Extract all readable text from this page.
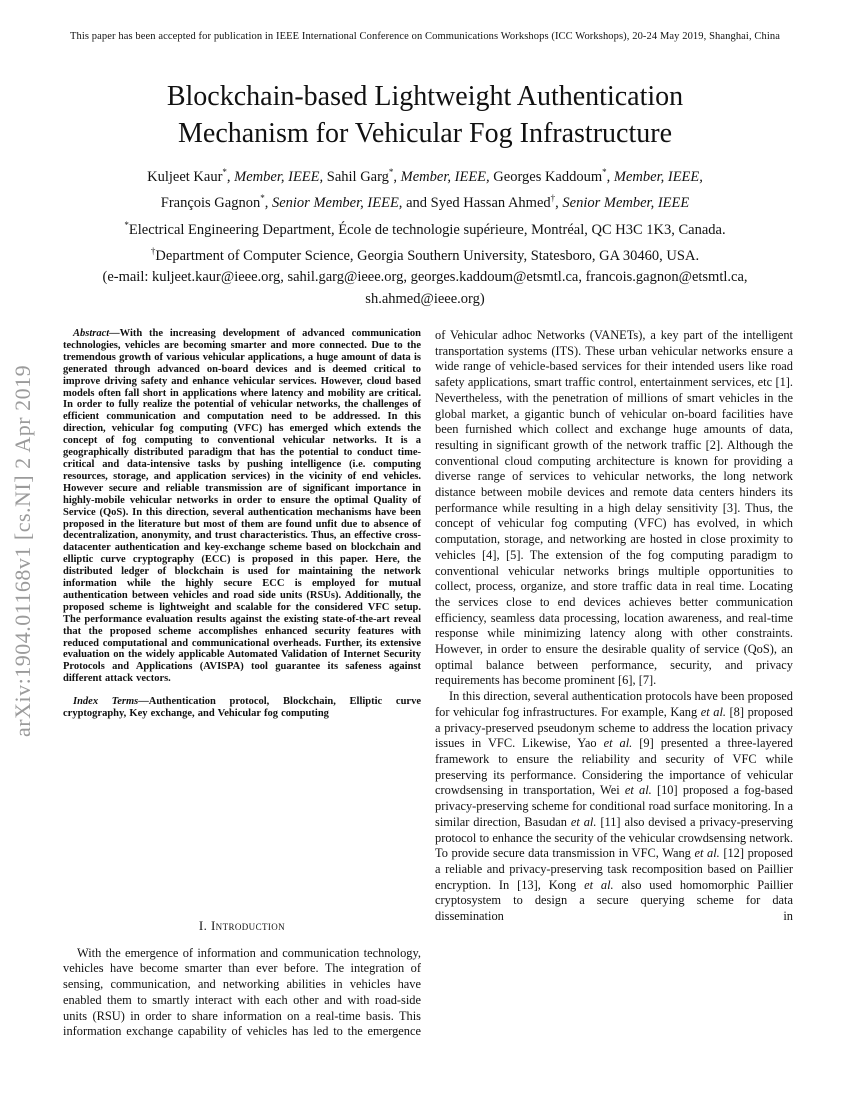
This paper has been accepted for publication in IEEE International Conference on Communications Workshops (ICC Workshops), 20-24 May 2019, Shanghai, China
arXiv:1904.01168v1 [cs.NI] 2 Apr 2019
Blockchain-based Lightweight Authentication
Mechanism for Vehicular Fog Infrastructure
Kuljeet Kaur*, Member, IEEE, Sahil Garg*, Member, IEEE, Georges Kaddoum*, Member, IEEE,
François Gagnon*, Senior Member, IEEE, and Syed Hassan Ahmed†, Senior Member, IEEE
*Electrical Engineering Department, École de technologie supérieure, Montréal, QC H3C 1K3, Canada.
†Department of Computer Science, Georgia Southern University, Statesboro, GA 30460, USA.
(e-mail: kuljeet.kaur@ieee.org, sahil.garg@ieee.org, georges.kaddoum@etsmtl.ca, francois.gagnon@etsmtl.ca, sh.ahmed@ieee.org)

Abstract—With the increasing development of advanced communication technologies, vehicles are becoming smarter and more connected. Due to the tremendous growth of various vehicular applications, a huge amount of data is generated through advanced on-board devices and is deemed critical to improve driving safety and enhance vehicular services. However, cloud based models often fall short in applications where latency and mobility are critical. In order to fully realize the potential of vehicular networks, the challenges of efficient communication and computation need to be addressed. In this direction, vehicular fog computing (VFC) has emerged which extends the concept of fog computing to conventional vehicular networks. It is a geographically distributed paradigm that has the potential to conduct time-critical and data-intensive tasks by pushing intelligence (i.e. computing resources, storage, and application services) in the vicinity of end vehicles. However secure and reliable transmission are of significant importance in highly-mobile vehicular networks in order to ensure the optimal Quality of Service (QoS). In this direction, several authentication mechanisms have been proposed in the literature but most of them are found unfit due to absence of decentralization, anonymity, and trust characteristics. Thus, an effective cross-datacenter authentication and key-exchange scheme based on blockchain and elliptic curve cryptography (ECC) is proposed in this paper. Here, the distributed ledger of blockchain is used for maintaining the network information while the highly secure ECC is employed for mutual authentication between vehicles and road side units (RSUs). Additionally, the proposed scheme is lightweight and scalable for the considered VFC setup. The performance evaluation results against the existing state-of-the-art reveal that the proposed scheme accomplishes enhanced security features with reduced computational and communicational overheads. Further, its extensive evaluation on the widely applicable Automated Validation of Internet Security Protocols and Applications (AVISPA) tool guarantee its safeness against different attack vectors.

Index Terms—Authentication protocol, Blockchain, Elliptic curve cryptography, Key exchange, and Vehicular fog computing

I. Introduction

With the emergence of information and communication technology, vehicles have become smarter than ever before. The integration of sensing, communication, and networking abilities in vehicles have enabled them to smartly interact with each other and with road-side units (RSU) in order to share information on a real-time basis. This information exchange capability of vehicles has led to the emergence

of Vehicular adhoc Networks (VANETs), a key part of the intelligent transportation systems (ITS). These urban vehicular networks ensure a wide range of vehicle-based services for their intended users like road safety applications, smart traffic control, entertainment services, etc [1]. Nevertheless, with the penetration of millions of smart vehicles in the global market, a gigantic bunch of vehicular on-board facilities have been furnished which collect and exchange huge amounts of data, resulting in significant growth of the network traffic [2]. Although the conventional cloud computing architecture is known for providing a diverse range of services to vehicular networks, the long network distance between mobile devices and remote data centers hinders its performance while resulting in a high delay sensitivity [3]. Thus, the concept of vehicular fog computing (VFC) has evolved, in which computation, storage, and networking are hosted in close proximity to vehicles [4], [5]. The extension of the fog computing paradigm to conventional vehicular networks brings multiple opportunities to collect, process, organize, and store traffic data in real time. Locating the services close to end devices achieves better communication efficiency, seamless data processing, location awareness, and real-time response while minimizing latency along with other constraints. However, in order to ensure the desirable quality of service (QoS), an optimal balance between performance, security, and privacy requirements has become prominent [6], [7].

In this direction, several authentication protocols have been proposed for vehicular fog infrastructures. For example, Kang et al. [8] proposed a privacy-preserved pseudonym scheme to address the location privacy issues in VFC. Likewise, Yao et al. [9] presented a three-layered framework to ensure the reliability and security of VFC while preserving its performance. Considering the importance of vehicular crowdsensing in transportation, Wei et al. [10] proposed a fog-based privacy-preserving scheme for conditional road surface monitoring. In a similar direction, Basudan et al. [11] also devised a privacy-preserving protocol to enhance the security of the vehicular crowdsensing network. To provide secure data transmission in VFC, Wang et al. [12] proposed a reliable and privacy-preserving task recomposition based on Paillier encryption. In [13], Kong et al. also used homomorphic Paillier cryptosystem to design a secure querying scheme for data dissemination in
